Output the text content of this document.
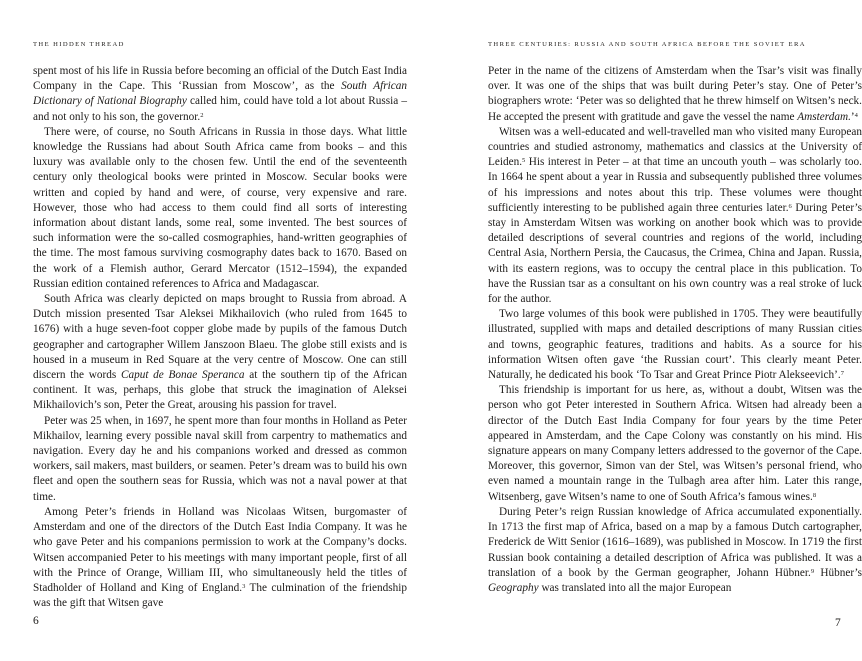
THE HIDDEN THREAD

spent most of his life in Russia before becoming an official of the Dutch East India Company in the Cape. This ‘Russian from Moscow’, as the South African Dictionary of National Biography called him, could have told a lot about Russia – and not only to his son, the governor.$^2$

There were, of course, no South Africans in Russia in those days. What little knowledge the Russians had about South Africa came from books – and this luxury was available only to the chosen few. Until the end of the seventeenth century only theological books were printed in Moscow. Secular books were written and copied by hand and were, of course, very expensive and rare. However, those who had access to them could find all sorts of interesting information about distant lands, some real, some invented. The best sources of such information were the so-called cosmographies, hand-written geographies of the time. The most famous surviving cosmography dates back to 1670. Based on the work of a Flemish author, Gerard Mercator (1512–1594), the expanded Russian edition contained references to Africa and Madagascar.

South Africa was clearly depicted on maps brought to Russia from abroad. A Dutch mission presented Tsar Aleksei Mikhailovich (who ruled from 1645 to 1676) with a huge seven-foot copper globe made by pupils of the famous Dutch geographer and cartographer Willem Janszoon Blaeu. The globe still exists and is housed in a museum in Red Square at the very centre of Moscow. One can still discern the words Caput de Bonae Speranca at the southern tip of the African continent. It was, perhaps, this globe that struck the imagination of Aleksei Mikhailovich’s son, Peter the Great, arousing his passion for travel.

Peter was 25 when, in 1697, he spent more than four months in Holland as Peter Mikhailov, learning every possible naval skill from carpentry to mathematics and navigation. Every day he and his companions worked and dressed as common workers, sail makers, mast builders, or seamen. Peter’s dream was to build his own fleet and open the southern seas for Russia, which was not a naval power at that time.

Among Peter’s friends in Holland was Nicolaas Witsen, burgomaster of Amsterdam and one of the directors of the Dutch East India Company. It was he who gave Peter and his companions permission to work at the Company’s docks. Witsen accompanied Peter to his meetings with many important people, first of all with the Prince of Orange, William III, who simultaneously held the titles of Stadholder of Holland and King of England.$^3$ The culmination of the friendship was the gift that Witsen gave

6
THREE CENTURIES: RUSSIA AND SOUTH AFRICA BEFORE THE SOVIET ERA

Peter in the name of the citizens of Amsterdam when the Tsar’s visit was finally over. It was one of the ships that was built during Peter’s stay. One of Peter’s biographers wrote: ‘Peter was so delighted that he threw himself on Witsen’s neck. He accepted the present with gratitude and gave the vessel the name Amsterdam.’$^4$

Witsen was a well-educated and well-travelled man who visited many European countries and studied astronomy, mathematics and classics at the University of Leiden.$^5$ His interest in Peter – at that time an uncouth youth – was scholarly too. In 1664 he spent about a year in Russia and subsequently published three volumes of his impressions and notes about this trip. These volumes were thought sufficiently interesting to be published again three centuries later.$^6$ During Peter’s stay in Amsterdam Witsen was working on another book which was to provide detailed descriptions of several countries and regions of the world, including Central Asia, Northern Persia, the Caucasus, the Crimea, China and Japan. Russia, with its eastern regions, was to occupy the central place in this publication. To have the Russian tsar as a consultant on his own country was a real stroke of luck for the author.

Two large volumes of this book were published in 1705. They were beautifully illustrated, supplied with maps and detailed descriptions of many Russian cities and towns, geographic features, traditions and habits. As a source for his information Witsen often gave ‘the Russian court’. This clearly meant Peter. Naturally, he dedicated his book ‘To Tsar and Great Prince Piotr Alekseevich’.$^7$

This friendship is important for us here, as, without a doubt, Witsen was the person who got Peter interested in Southern Africa. Witsen had already been a director of the Dutch East India Company for four years by the time Peter appeared in Amsterdam, and the Cape Colony was constantly on his mind. His signature appears on many Company letters addressed to the governor of the Cape. Moreover, this governor, Simon van der Stel, was Witsen’s personal friend, who even named a mountain range in the Tulbagh area after him. Later this range, Witsenberg, gave Witsen’s name to one of South Africa’s famous wines.$^8$

During Peter’s reign Russian knowledge of Africa accumulated exponentially. In 1713 the first map of Africa, based on a map by a famous Dutch cartographer, Frederick de Witt Senior (1616–1689), was published in Moscow. In 1719 the first Russian book containing a detailed description of Africa was published. It was a translation of a book by the German geographer, Johann Hübner.$^9$ Hübner’s Geography was translated into all the major European

7
